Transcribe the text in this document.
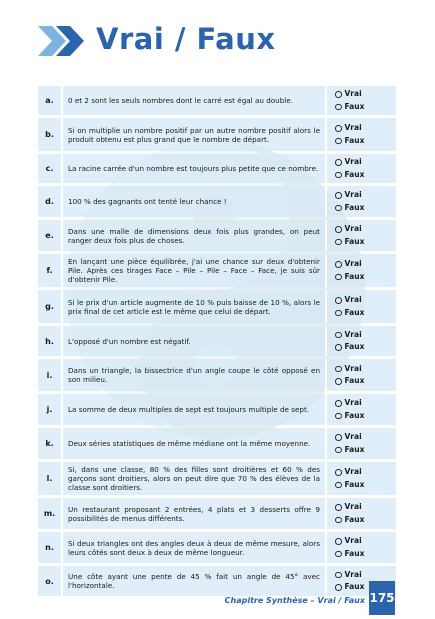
Vrai / Faux
a.	0 et 2 sont les seuls nombres dont le carré est égal au double.	Vrai
Faux

b.	Si on multiplie un nombre positif par un autre nombre positif alors le produit obtenu est plus grand que le nombre de départ.	Vrai
Faux

c.	La racine carrée d'un nombre est toujours plus petite que ce nombre.	Vrai
Faux

d.	100 % des gagnants ont tenté leur chance !	Vrai
Faux

e.	Dans une malle de dimensions deux fois plus grandes, on peut ranger deux fois plus de choses.	Vrai
Faux

f.	En lançant une pièce équilibrée, j'ai une chance sur deux d'obtenir Pile. Après ces tirages Face – Pile – Pile – Face – Face, je suis sûr d'obtenir Pile.	Vrai
Faux

g.	Si le prix d'un article augmente de 10 % puis baisse de 10 %, alors le prix final de cet article est le même que celui de départ.	Vrai
Faux

h.	L'opposé d'un nombre est négatif.	Vrai
Faux

i.	Dans un triangle, la bissectrice d'un angle coupe le côté opposé en son milieu.	Vrai
Faux

j.	La somme de deux multiples de sept est toujours multiple de sept.	Vrai
Faux

k.	Deux séries statistiques de même médiane ont la même moyenne.	Vrai
Faux

l.	Si, dans une classe, 80 % des filles sont droitières et 60 % des garçons sont droitiers, alors on peut dire que 70 % des élèves de la classe sont droitiers.	Vrai
Faux

m.	Un restaurant proposant 2 entrées, 4 plats et 3 desserts offre 9 possibilités de menus différents.	Vrai
Faux

n.	Si deux triangles ont des angles deux à deux de même mesure, alors leurs côtés sont deux à deux de même longueur.	Vrai
Faux

o.	Une côte ayant une pente de 45 % fait un angle de 45° avec l'horizontale.	Vrai
Faux
Chapitre Synthèse – Vrai / Faux 175
